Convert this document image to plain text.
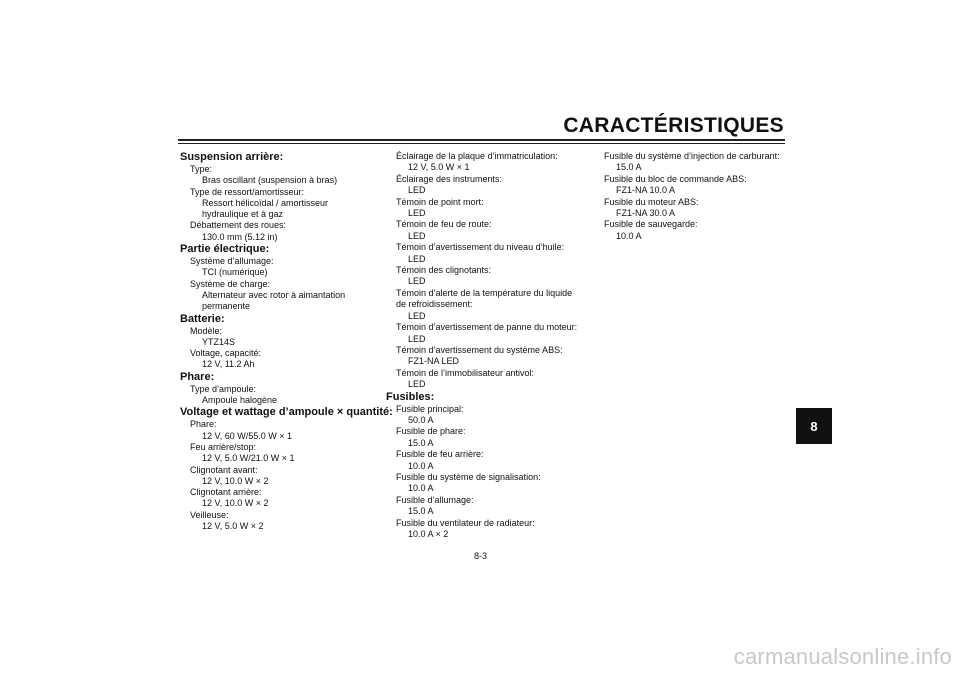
CARACTÉRISTIQUES
8
Suspension arrière:
Type:
Bras oscillant (suspension à bras)
Type de ressort/amortisseur:
Ressort hélicoïdal / amortisseur
hydraulique et à gaz
Débattement des roues:
130.0 mm (5.12 in)
Partie électrique:
Système d’allumage:
TCI (numérique)
Système de charge:
Alternateur avec rotor à aimantation
permanente
Batterie:
Modèle:
YTZ14S
Voltage, capacité:
12 V, 11.2 Ah
Phare:
Type d’ampoule:
Ampoule halogène
Voltage et wattage d’ampoule × quantité:
Phare:
12 V, 60 W/55.0 W × 1
Feu arrière/stop:
12 V, 5.0 W/21.0 W × 1
Clignotant avant:
12 V, 10.0 W × 2
Clignotant arrière:
12 V, 10.0 W × 2
Veilleuse:
12 V, 5.0 W × 2
Éclairage de la plaque d’immatriculation:
12 V, 5.0 W × 1
Éclairage des instruments:
LED
Témoin de point mort:
LED
Témoin de feu de route:
LED
Témoin d’avertissement du niveau d’huile:
LED
Témoin des clignotants:
LED
Témoin d’alerte de la température du liquide
de refroidissement:
LED
Témoin d’avertissement de panne du moteur:
LED
Témoin d’avertissement du système ABS:
FZ1-NA LED
Témoin de l’immobilisateur antivol:
LED
Fusibles:
Fusible principal:
50.0 A
Fusible de phare:
15.0 A
Fusible de feu arrière:
10.0 A
Fusible du système de signalisation:
10.0 A
Fusible d’allumage:
15.0 A
Fusible du ventilateur de radiateur:
10.0 A × 2
Fusible du système d’injection de carburant:
15.0 A
Fusible du bloc de commande ABS:
FZ1-NA 10.0 A
Fusible du moteur ABS:
FZ1-NA 30.0 A
Fusible de sauvegarde:
10.0 A
8-3
carmanualsonline.info
